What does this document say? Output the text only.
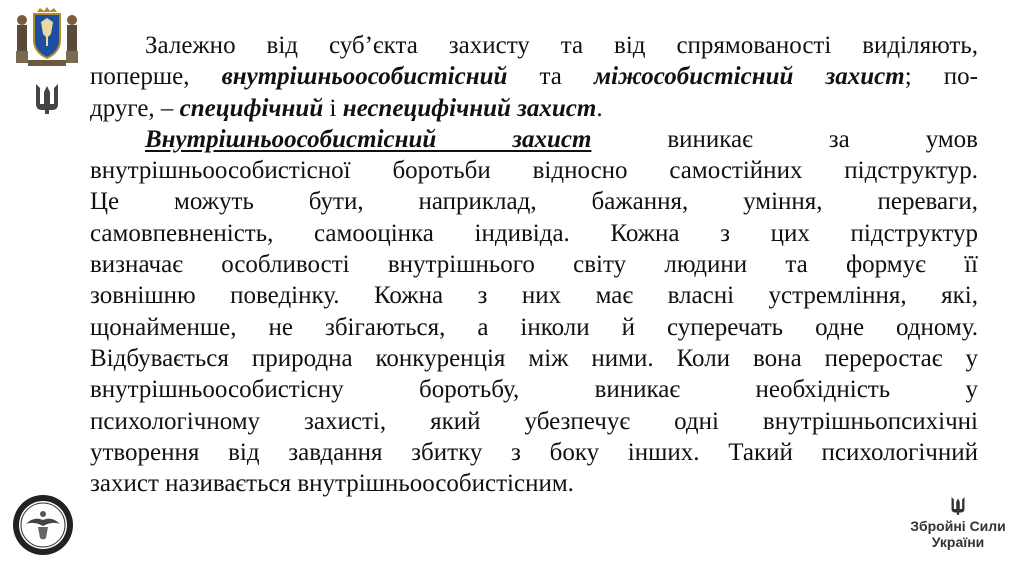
Збройні Сили
України
Залежно від суб’єкта захисту та від спрямованості виділяють,
поперше, внутрішньоособистісний та міжособистісний захист; по-
друге, – специфічний і неспецифічний захист.
Внутрішньоособистісний захист виникає за умов
внутрішньоособистісної боротьби відносно самостійних підструктур.
Це можуть бути, наприклад, бажання, уміння, переваги,
самовпевненість, самооцінка індивіда. Кожна з цих підструктур
визначає особливості внутрішнього світу людини та формує її
зовнішню поведінку. Кожна з них має власні устремління, які,
щонайменше, не збігаються, а інколи й суперечать одне одному.
Відбувається природна конкуренція між ними. Коли вона переростає у
внутрішньоособистісну боротьбу, виникає необхідність у
психологічному захисті, який убезпечує одні внутрішньопсихічні
утворення від завдання збитку з боку інших. Такий психологічний
захист називається внутрішньоособистісним.
